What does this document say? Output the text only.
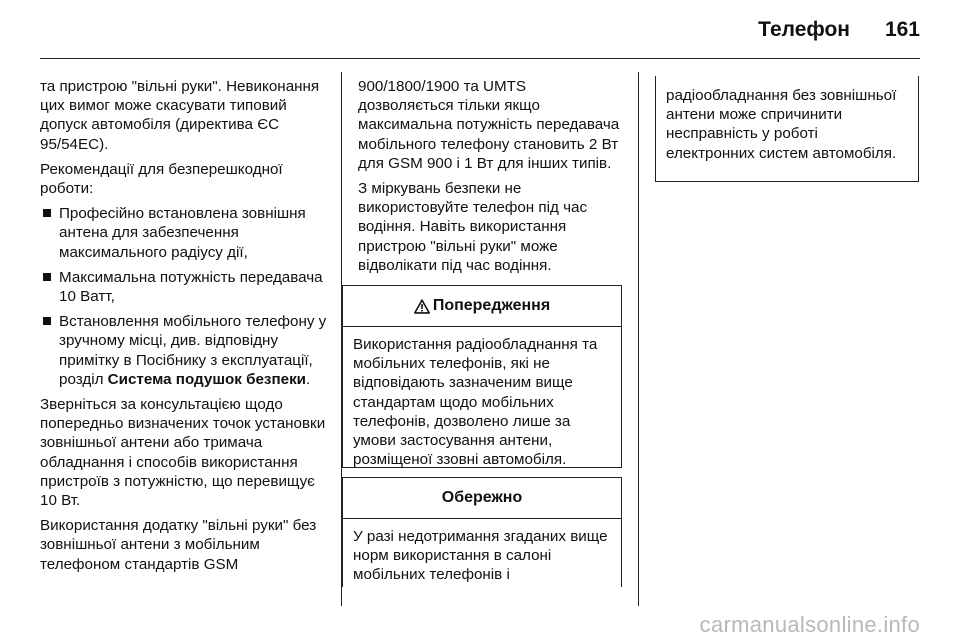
Телефон 161

та пристрою "вільні руки". Невиконання цих вимог може скасувати типовий допуск автомобіля (директива ЄС 95/54EC).

Рекомендації для безперешкодної роботи:

Професійно встановлена зовнішня антена для забезпечення максимального радіусу дії,
Максимальна потужність передавача 10 Ватт,
Встановлення мобільного телефону у зручному місці, див. відповідну примітку в Посібнику з експлуатації, розділ Система подушок безпеки.

Зверніться за консультацією щодо попередньо визначених точок установки зовнішньої антени або тримача обладнання і способів використання пристроїв з потужністю, що перевищує 10 Вт.

Використання додатку "вільні руки" без зовнішньої антени з мобільним телефоном стандартів GSM

900/1800/1900 та UMTS дозволяється тільки якщо максимальна потужність передавача мобільного телефону становить 2 Вт для GSM 900 і 1 Вт для інших типів.

З міркувань безпеки не використовуйте телефон під час водіння. Навіть використання пристрою "вільні руки" може відволікати під час водіння.

Попередження
Використання радіообладнання та мобільних телефонів, які не відповідають зазначеним вище стандартам щодо мобільних телефонів, дозволено лише за умови застосування антени, розміщеної ззовні автомобіля.
Обережно
У разі недотримання згаданих вище норм використання в салоні мобільних телефонів і
радіообладнання без зовнішньої антени може спричинити несправність у роботі електронних систем автомобіля.
carmanualsonline.info
